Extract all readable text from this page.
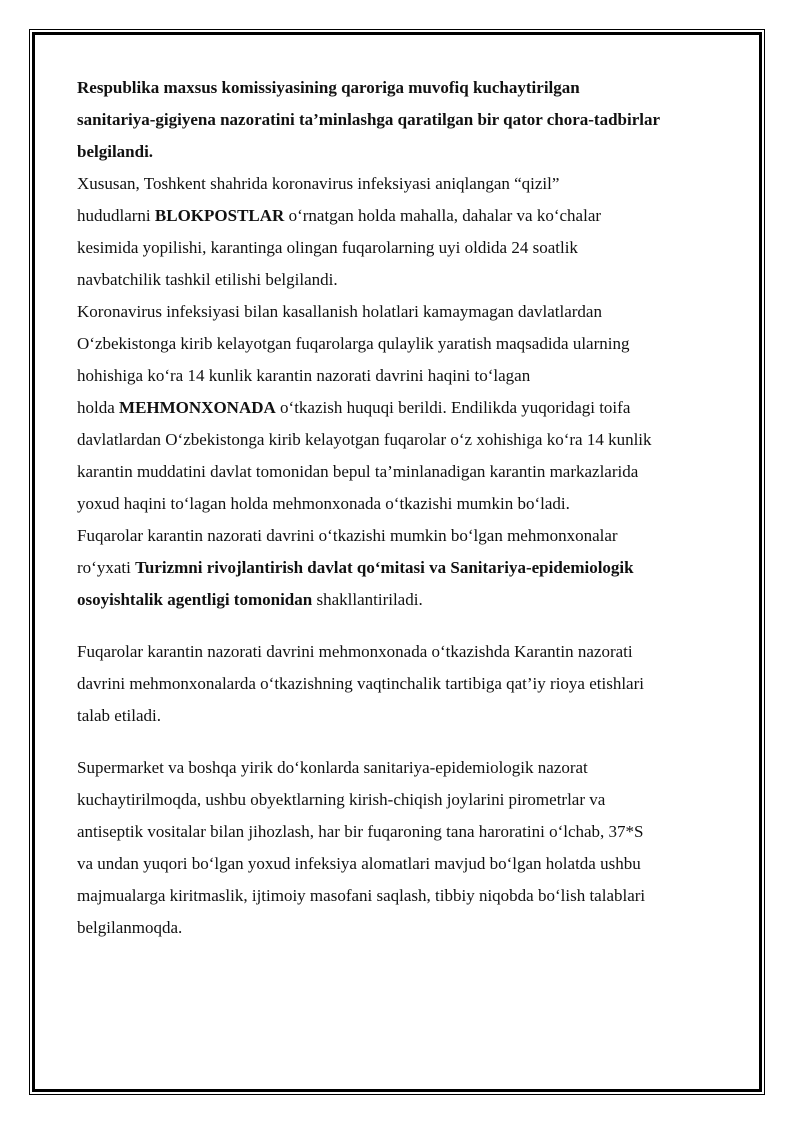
Respublika maxsus komissiyasining qaroriga muvofiq kuchaytirilgan
sanitariya-gigiyena nazoratini ta’minlashga qaratilgan bir qator chora-tadbirlar
belgilandi.

Xususan, Toshkent shahrida koronavirus infeksiyasi aniqlangan “qizil”
hududlarni BLOKPOSTLAR o‘rnatgan holda mahalla, dahalar va ko‘chalar
kesimida yopilishi, karantinga olingan fuqarolarning uyi oldida 24 soatlik
navbatchilik tashkil etilishi belgilandi.

Koronavirus infeksiyasi bilan kasallanish holatlari kamaymagan davlatlardan
O‘zbekistonga kirib kelayotgan fuqarolarga qulaylik yaratish maqsadida ularning
hohishiga ko‘ra 14 kunlik karantin nazorati davrini haqini to‘lagan
holda MEHMONXONADA o‘tkazish huquqi berildi. Endilikda yuqoridagi toifa
davlatlardan O‘zbekistonga kirib kelayotgan fuqarolar o‘z xohishiga ko‘ra 14 kunlik
karantin muddatini davlat tomonidan bepul ta’minlanadigan karantin markazlarida
yoxud haqini to‘lagan holda mehmonxonada o‘tkazishi mumkin bo‘ladi.

Fuqarolar karantin nazorati davrini o‘tkazishi mumkin bo‘lgan mehmonxonalar
ro‘yxati Turizmni rivojlantirish davlat qo‘mitasi va Sanitariya-epidemiologik
osoyishtalik agentligi tomonidan shakllantiriladi.

Fuqarolar karantin nazorati davrini mehmonxonada o‘tkazishda Karantin nazorati
davrini mehmonxonalarda o‘tkazishning vaqtinchalik tartibiga qat’iy rioya etishlari
talab etiladi.

Supermarket va boshqa yirik do‘konlarda sanitariya-epidemiologik nazorat
kuchaytirilmoqda, ushbu obyektlarning kirish-chiqish joylarini pirometrlar va
antiseptik vositalar bilan jihozlash, har bir fuqaroning tana haroratini o‘lchab, 37*S
va undan yuqori bo‘lgan yoxud infeksiya alomatlari mavjud bo‘lgan holatda ushbu
majmualarga kiritmaslik, ijtimoiy masofani saqlash, tibbiy niqobda bo‘lish talablari
belgilanmoqda.
